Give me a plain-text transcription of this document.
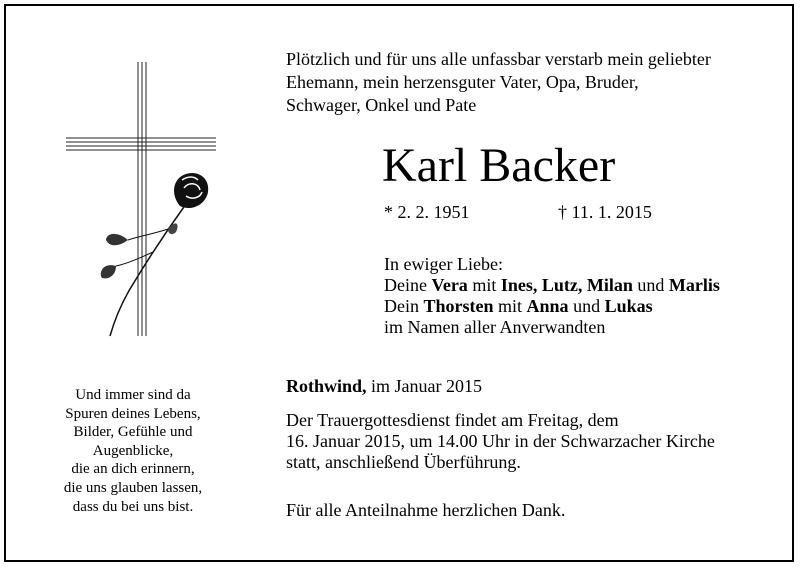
Plötzlich und für uns alle unfassbar verstarb mein geliebter
Ehemann, mein herzensguter Vater, Opa, Bruder,
Schwager, Onkel und Pate
Karl Backer
* 2. 2. 1951	† 11. 1. 2015
In ewiger Liebe:
Deine Vera mit Ines, Lutz, Milan und Marlis
Dein Thorsten mit Anna und Lukas
im Namen aller Anverwandten
Rothwind, im Januar 2015
Der Trauergottesdienst findet am Freitag, dem
16. Januar 2015, um 14.00 Uhr in der Schwarzacher Kirche
statt, anschließend Überführung.
Für alle Anteilnahme herzlichen Dank.
Und immer sind da
Spuren deines Lebens,
Bilder, Gefühle und
Augenblicke,
die an dich erinnern,
die uns glauben lassen,
dass du bei uns bist.
